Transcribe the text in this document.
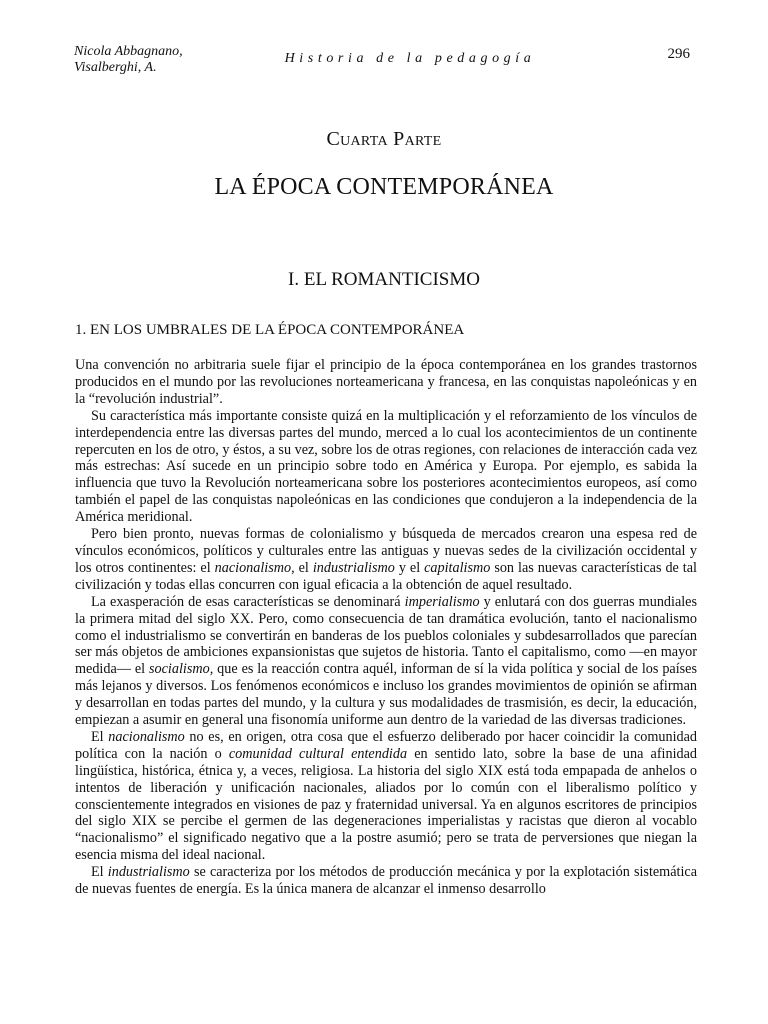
Nicola Abbagnano,
Visalberghi, A.
Historia de la pedagogía	296
Cuarta Parte
LA ÉPOCA CONTEMPORÁNEA
I. EL ROMANTICISMO
1. EN LOS UMBRALES DE LA ÉPOCA CONTEMPORÁNEA

Una convención no arbitraria suele fijar el principio de la época contemporánea en los grandes trastornos producidos en el mundo por las revoluciones norteamericana y francesa, en las conquistas napoleónicas y en la “revolución industrial”.

Su característica más importante consiste quizá en la multiplicación y el reforzamiento de los vínculos de interdependencia entre las diversas partes del mundo, merced a lo cual los acontecimientos de un continente repercuten en los de otro, y éstos, a su vez, sobre los de otras regiones, con relaciones de interacción cada vez más estrechas: Así sucede en un principio sobre todo en América y Europa. Por ejemplo, es sabida la influencia que tuvo la Revolución norteamericana sobre los posteriores acontecimientos europeos, así como también el papel de las conquistas napoleónicas en las condiciones que condujeron a la independencia de la América meridional.

Pero bien pronto, nuevas formas de colonialismo y búsqueda de mercados crearon una espesa red de vínculos económicos, políticos y culturales entre las antiguas y nuevas sedes de la civilización occidental y los otros continentes: el nacionalismo, el industrialismo y el capitalismo son las nuevas características de tal civilización y todas ellas concurren con igual eficacia a la obtención de aquel resultado.

La exasperación de esas características se denominará imperialismo y enlutará con dos guerras mundiales la primera mitad del siglo XX. Pero, como consecuencia de tan dramática evolución, tanto el nacionalismo como el industrialismo se convertirán en banderas de los pueblos coloniales y subdesarrollados que parecían ser más objetos de ambiciones expansionistas que sujetos de historia. Tanto el capitalismo, como —en mayor medida— el socialismo, que es la reacción contra aquél, informan de sí la vida política y social de los países más lejanos y diversos. Los fenómenos económicos e incluso los grandes movimientos de opinión se afirman y desarrollan en todas partes del mundo, y la cultura y sus modalidades de trasmisión, es decir, la educación, empiezan a asumir en general una fisonomía uniforme aun dentro de la variedad de las diversas tradiciones.

El nacionalismo no es, en origen, otra cosa que el esfuerzo deliberado por hacer coincidir la comunidad política con la nación o comunidad cultural entendida en sentido lato, sobre la base de una afinidad lingüística, histórica, étnica y, a veces, religiosa. La historia del siglo XIX está toda empapada de anhelos o intentos de liberación y unificación nacionales, aliados por lo común con el liberalismo político y conscientemente integrados en visiones de paz y fraternidad universal. Ya en algunos escritores de principios del siglo XIX se percibe el germen de las degeneraciones imperialistas y racistas que dieron al vocablo “nacionalismo” el significado negativo que a la postre asumió; pero se trata de perversiones que niegan la esencia misma del ideal nacional.

El industrialismo se caracteriza por los métodos de producción mecánica y por la explotación sistemática de nuevas fuentes de energía. Es la única manera de alcanzar el inmenso desarrollo
